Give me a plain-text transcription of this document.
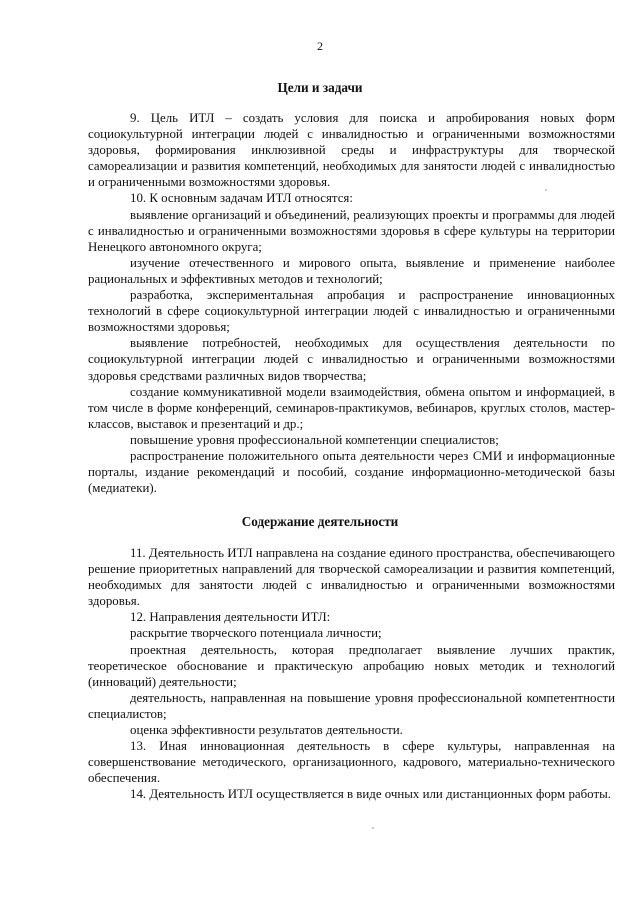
2
Цели и задачи

9. Цель ИТЛ – создать условия для поиска и апробирования новых форм социокультурной интеграции людей с инвалидностью и ограниченными возможностями здоровья, формирования инклюзивной среды и инфраструктуры для творческой самореализации и развития компетенций, необходимых для занятости людей с инвалидностью и ограниченными возможностями здоровья.

10. К основным задачам ИТЛ относятся:

выявление организаций и объединений, реализующих проекты и программы для людей с инвалидностью и ограниченными возможностями здоровья в сфере культуры на территории Ненецкого автономного округа;

изучение отечественного и мирового опыта, выявление и применение наиболее рациональных и эффективных методов и технологий;

разработка, экспериментальная апробация и распространение инновационных технологий в сфере социокультурной интеграции людей с инвалидностью и ограниченными возможностями здоровья;

выявление потребностей, необходимых для осуществления деятельности по социокультурной интеграции людей с инвалидностью и ограниченными возможностями здоровья средствами различных видов творчества;

создание коммуникативной модели взаимодействия, обмена опытом и информацией, в том числе в форме конференций, семинаров-практикумов, вебинаров, круглых столов, мастер-классов, выставок и презентаций и др.;

повышение уровня профессиональной компетенции специалистов;

распространение положительного опыта деятельности через СМИ и информационные порталы, издание рекомендаций и пособий, создание информационно-методической базы (медиатеки).

Содержание деятельности

11. Деятельность ИТЛ направлена на создание единого пространства, обеспечивающего решение приоритетных направлений для творческой самореализации и развития компетенций, необходимых для занятости людей с инвалидностью и ограниченными возможностями здоровья.

12. Направления деятельности ИТЛ:

раскрытие творческого потенциала личности;

проектная деятельность, которая предполагает выявление лучших практик, теоретическое обоснование и практическую апробацию новых методик и технологий (инноваций) деятельности;

деятельность, направленная на повышение уровня профессиональной компетентности специалистов;

оценка эффективности результатов деятельности.

13. Иная инновационная деятельность в сфере культуры, направленная на совершенствование методического, организационного, кадрового, материально-технического обеспечения.

14. Деятельность ИТЛ осуществляется в виде очных или дистанционных форм работы.
